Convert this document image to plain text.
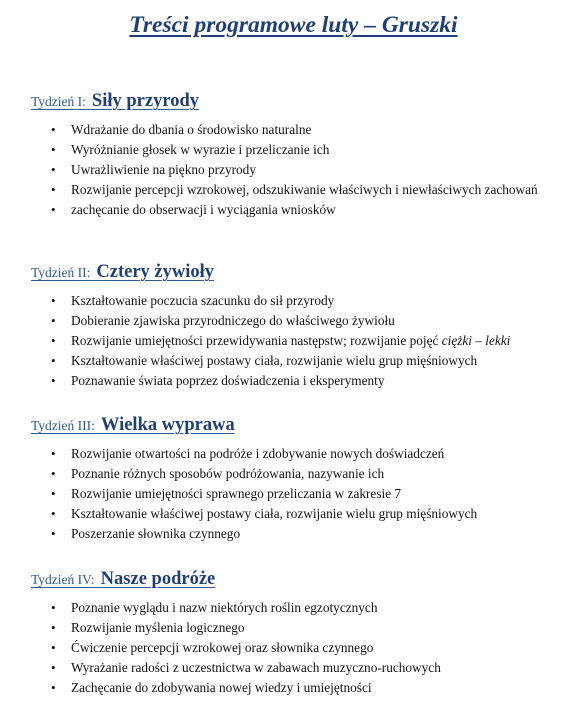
Treści programowe luty – Gruszki
Tydzień I: Siły przyrody
•	Wdrażanie do dbania o środowisko naturalne
•	Wyróżnianie głosek w wyrazie i przeliczanie ich
•	Uwrażliwienie na piękno przyrody
•	Rozwijanie percepcji wzrokowej, odszukiwanie właściwych i niewłaściwych zachowań
•	zachęcanie do obserwacji i wyciągania wniosków
Tydzień II: Cztery żywioły
•	Kształtowanie poczucia szacunku do sił przyrody
•	Dobieranie zjawiska przyrodniczego do właściwego żywiołu
•	Rozwijanie umiejętności przewidywania następstw; rozwijanie pojęć ciężki – lekki
•	Kształtowanie właściwej postawy ciała, rozwijanie wielu grup mięśniowych
•	Poznawanie świata poprzez doświadczenia i eksperymenty
Tydzień III: Wielka wyprawa
•	Rozwijanie otwartości na podróże i zdobywanie nowych doświadczeń
•	Poznanie różnych sposobów podróżowania, nazywanie ich
•	Rozwijanie umiejętności sprawnego przeliczania w zakresie 7
•	Kształtowanie właściwej postawy ciała, rozwijanie wielu grup mięśniowych
•	Poszerzanie słownika czynnego
Tydzień IV: Nasze podróże
•	Poznanie wyglądu i nazw niektórych roślin egzotycznych
•	Rozwijanie myślenia logicznego
•	Ćwiczenie percepcji wzrokowej oraz słownika czynnego
•	Wyrażanie radości z uczestnictwa w zabawach muzyczno-ruchowych
•	Zachęcanie do zdobywania nowej wiedzy i umiejętności
